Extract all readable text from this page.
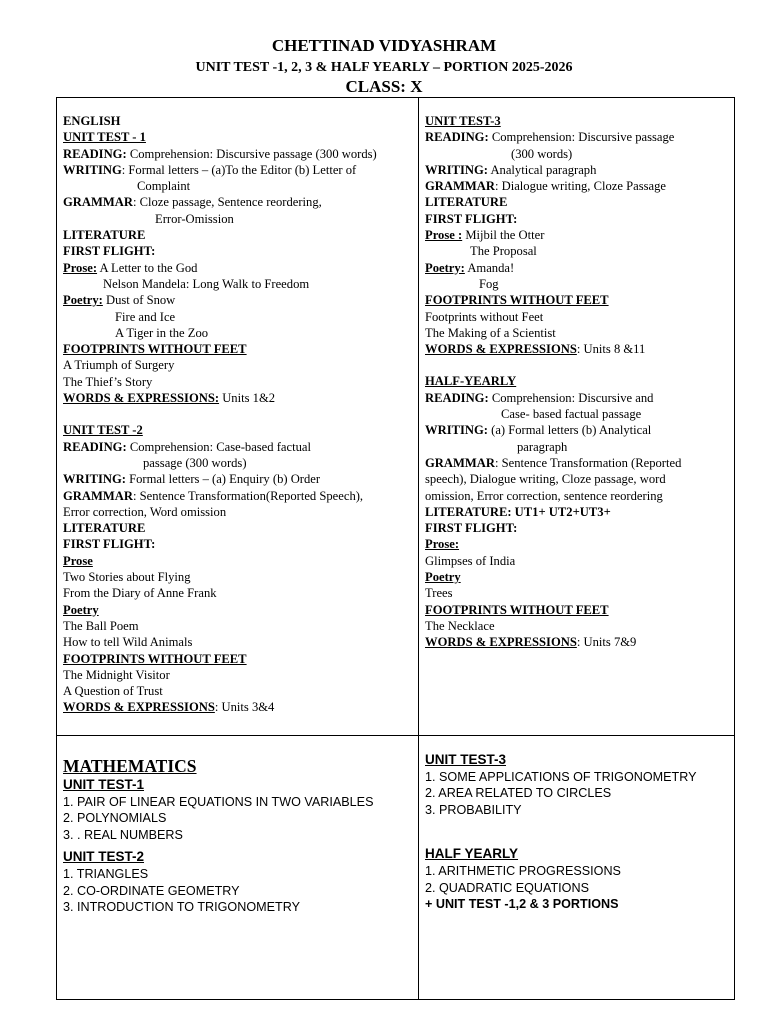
CHETTINAD VIDYASHRAM
UNIT TEST -1, 2, 3 & HALF YEARLY – PORTION 2025-2026
CLASS: X
ENGLISH
UNIT TEST - 1
READING: Comprehension: Discursive passage (300 words)
WRITING: Formal letters – (a)To the Editor (b) Letter of
Complaint
GRAMMAR: Cloze passage, Sentence reordering,
Error-Omission
LITERATURE
FIRST FLIGHT:
Prose: A Letter to the God
Nelson Mandela: Long Walk to Freedom
Poetry: Dust of Snow
Fire and Ice
A Tiger in the Zoo
FOOTPRINTS WITHOUT FEET
A Triumph of Surgery
The Thief’s Story
WORDS & EXPRESSIONS: Units 1&2
UNIT TEST -2
READING: Comprehension: Case-based factual
passage (300 words)
WRITING: Formal letters – (a) Enquiry (b) Order
GRAMMAR: Sentence Transformation(Reported Speech),
Error correction, Word omission
LITERATURE
FIRST FLIGHT:
Prose
Two Stories about Flying
From the Diary of Anne Frank
Poetry
The Ball Poem
How to tell Wild Animals
FOOTPRINTS WITHOUT FEET
The Midnight Visitor
A Question of Trust
WORDS & EXPRESSIONS: Units 3&4
UNIT TEST-3
READING: Comprehension: Discursive passage
(300 words)
WRITING: Analytical paragraph
GRAMMAR: Dialogue writing, Cloze Passage
LITERATURE
FIRST FLIGHT:
Prose : Mijbil the Otter
The Proposal
Poetry: Amanda!
Fog
FOOTPRINTS WITHOUT FEET
Footprints without Feet
The Making of a Scientist
WORDS & EXPRESSIONS: Units 8 &11
HALF-YEARLY
READING: Comprehension: Discursive and
Case- based factual passage
WRITING: (a) Formal letters (b) Analytical
paragraph
GRAMMAR: Sentence Transformation (Reported
speech), Dialogue writing, Cloze passage, word
omission, Error correction, sentence reordering
LITERATURE: UT1+ UT2+UT3+
FIRST FLIGHT:
Prose:
Glimpses of India
Poetry
Trees
FOOTPRINTS WITHOUT FEET
The Necklace
WORDS & EXPRESSIONS: Units 7&9
MATHEMATICS
UNIT TEST-1
1. PAIR OF LINEAR EQUATIONS IN TWO VARIABLES
2. POLYNOMIALS
3. . REAL NUMBERS
UNIT TEST-2
1. TRIANGLES
2. CO-ORDINATE GEOMETRY
3. INTRODUCTION TO TRIGONOMETRY
UNIT TEST-3
1. SOME APPLICATIONS OF TRIGONOMETRY
2. AREA RELATED TO CIRCLES
3. PROBABILITY
HALF YEARLY
1. ARITHMETIC PROGRESSIONS
2. QUADRATIC EQUATIONS
+ UNIT TEST -1,2 & 3 PORTIONS
